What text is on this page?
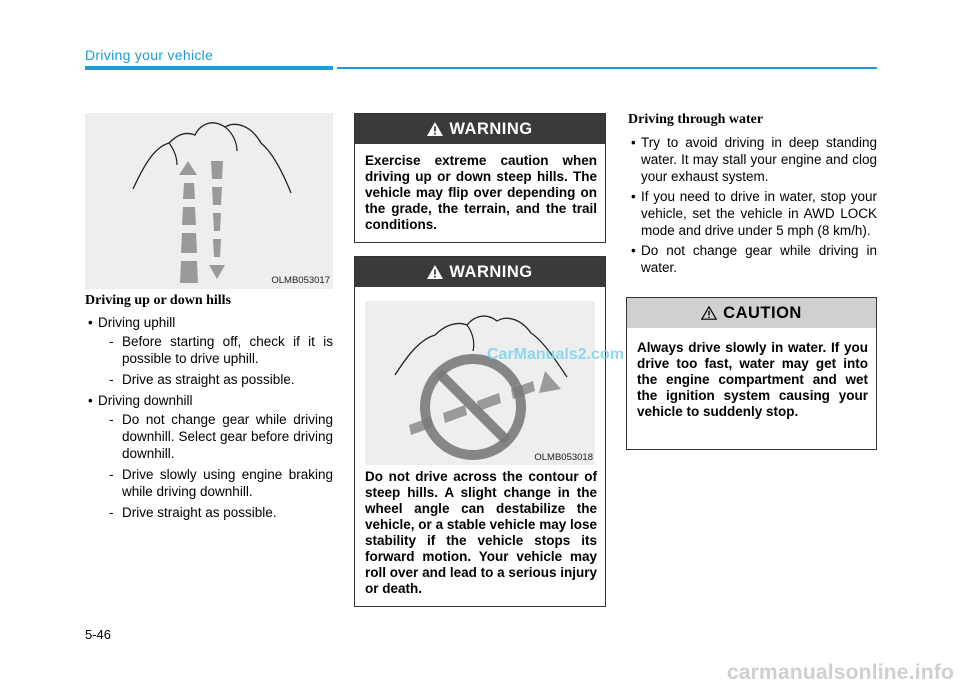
Driving your vehicle
OLMB053017
Driving up or down hills
• Driving uphill
- Before starting off, check if it is possible to drive uphill.
- Drive as straight as possible.
• Driving downhill
- Do not change gear while driving downhill. Select gear before driving downhill.
- Drive slowly using engine braking while driving downhill.
- Drive straight as possible.
WARNING
Exercise extreme caution when driving up or down steep hills. The vehicle may flip over depending on the grade, the terrain, and the trail conditions.
WARNING
OLMB053018
Do not drive across the contour of steep hills. A slight change in the wheel angle can destabilize the vehicle, or a stable vehicle may lose stability if the vehicle stops its forward motion. Your vehicle may roll over and lead to a serious injury or death.
CarManuals2.com
Driving through water
• Try to avoid driving in deep standing water. It may stall your engine and clog your exhaust system.
• If you need to drive in water, stop your vehicle, set the vehicle in AWD LOCK mode and drive under 5 mph (8 km/h).
• Do not change gear while driving in water.
CAUTION
Always drive slowly in water. If you drive too fast, water may get into the engine compartment and wet the ignition system causing your vehicle to suddenly stop.
5-46
carmanualsonline.info
